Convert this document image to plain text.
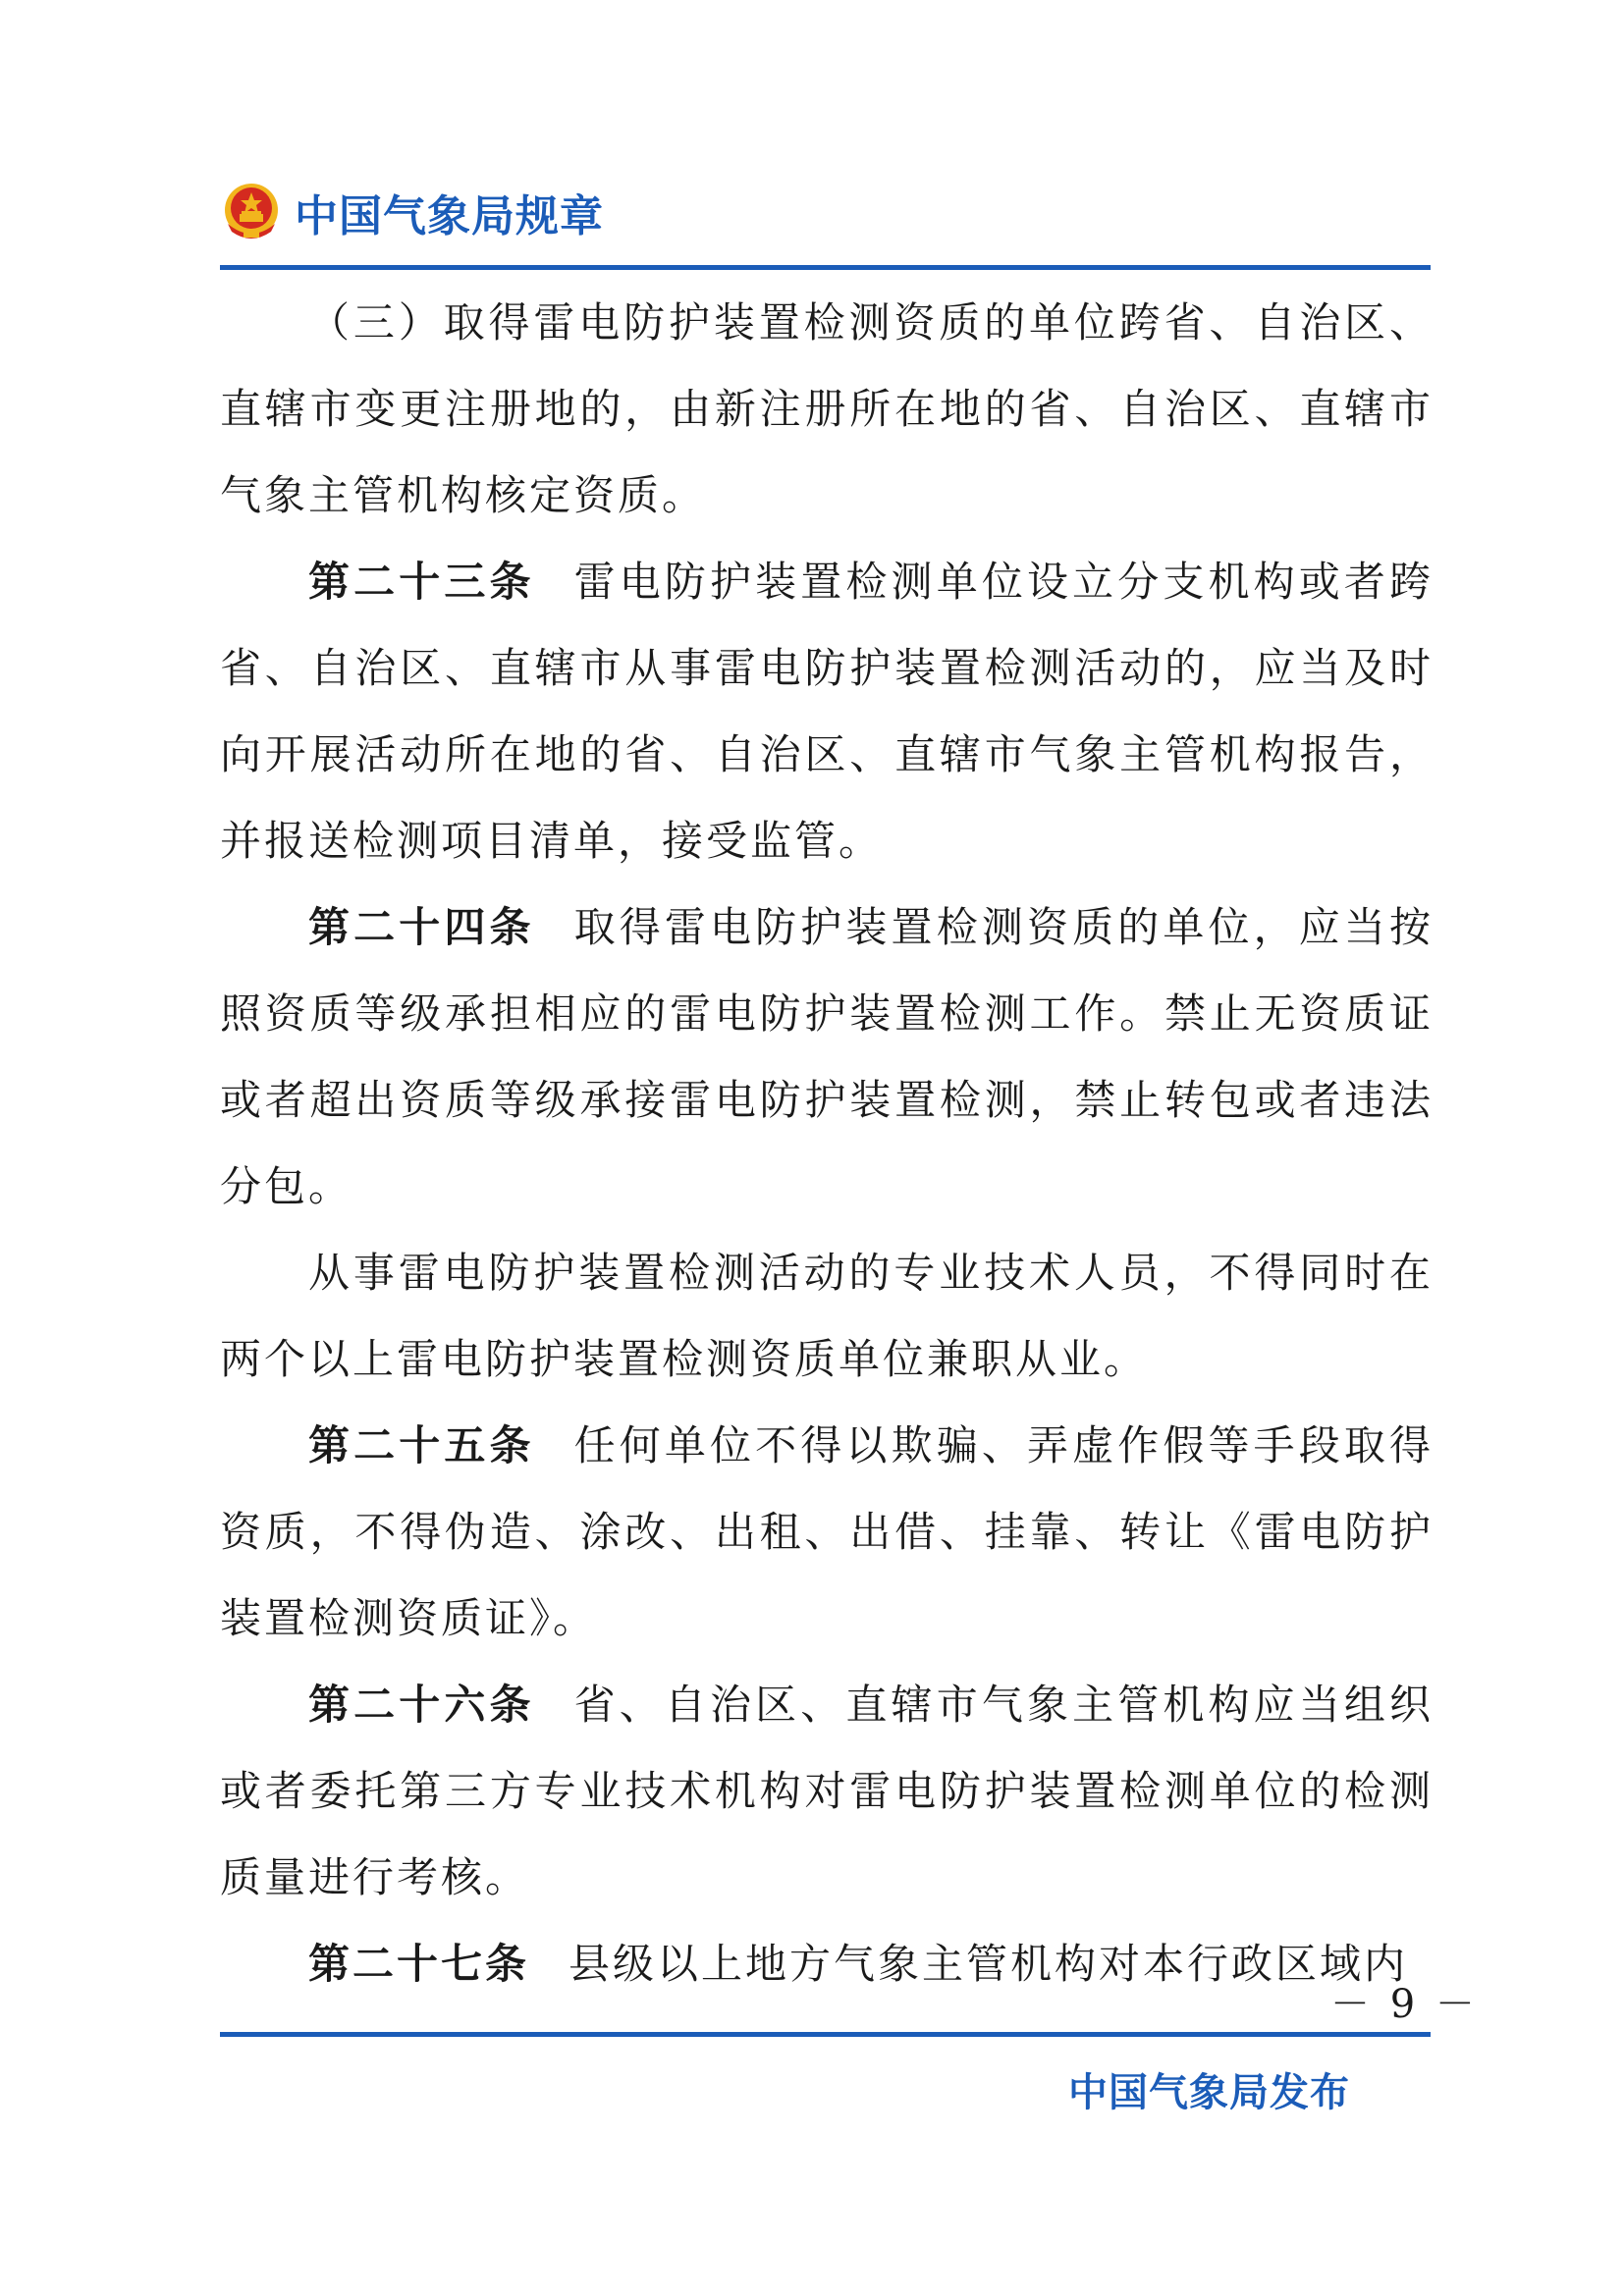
中国气象局规章

（三）取得雷电防护装置检测资质的单位跨省、自治区、直辖市变更注册地的，由新注册所在地的省、自治区、直辖市气象主管机构核定资质。

第二十三条 雷电防护装置检测单位设立分支机构或者跨省、自治区、直辖市从事雷电防护装置检测活动的，应当及时向开展活动所在地的省、自治区、直辖市气象主管机构报告，并报送检测项目清单，接受监管。

第二十四条 取得雷电防护装置检测资质的单位，应当按照资质等级承担相应的雷电防护装置检测工作。禁止无资质证或者超出资质等级承接雷电防护装置检测，禁止转包或者违法分包。

从事雷电防护装置检测活动的专业技术人员，不得同时在两个以上雷电防护装置检测资质单位兼职从业。

第二十五条 任何单位不得以欺骗、弄虚作假等手段取得资质，不得伪造、涂改、出租、出借、挂靠、转让《雷电防护装置检测资质证》。

第二十六条 省、自治区、直辖市气象主管机构应当组织或者委托第三方专业技术机构对雷电防护装置检测单位的检测质量进行考核。

第二十七条 县级以上地方气象主管机构对本行政区域内

－ 9 －
中国气象局发布
